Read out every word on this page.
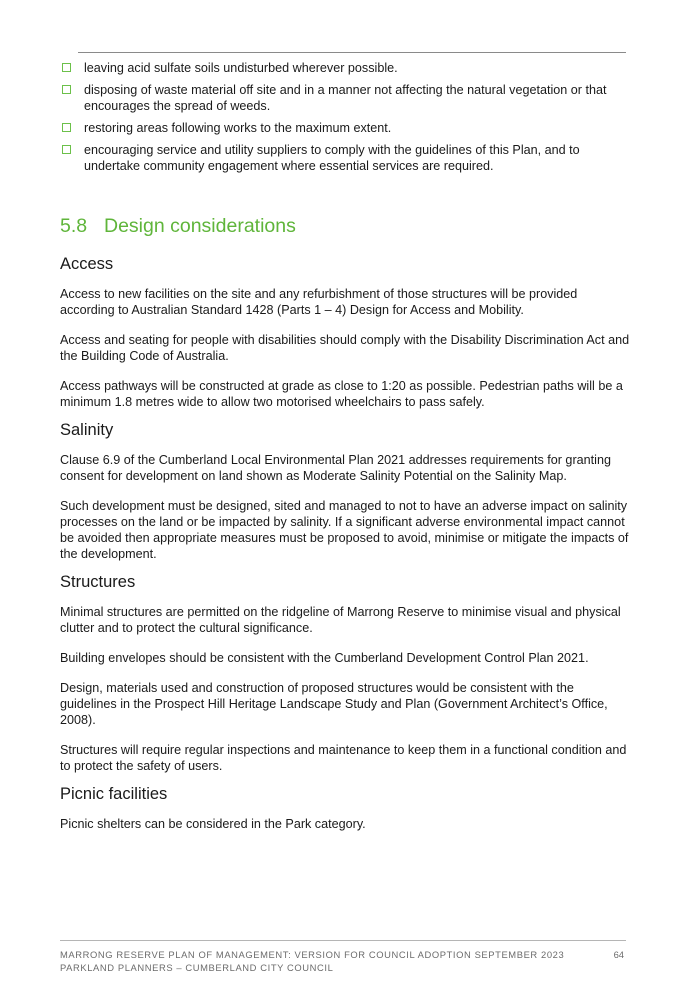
leaving acid sulfate soils undisturbed wherever possible.
disposing of waste material off site and in a manner not affecting the natural vegetation or that encourages the spread of weeds.
restoring areas following works to the maximum extent.
encouraging service and utility suppliers to comply with the guidelines of this Plan, and to undertake community engagement where essential services are required.
5.8 Design considerations
Access

Access to new facilities on the site and any refurbishment of those structures will be provided according to Australian Standard 1428 (Parts 1 – 4) Design for Access and Mobility.

Access and seating for people with disabilities should comply with the Disability Discrimination Act and the Building Code of Australia.

Access pathways will be constructed at grade as close to 1:20 as possible. Pedestrian paths will be a minimum 1.8 metres wide to allow two motorised wheelchairs to pass safely.

Salinity

Clause 6.9 of the Cumberland Local Environmental Plan 2021 addresses requirements for granting consent for development on land shown as Moderate Salinity Potential on the Salinity Map.

Such development must be designed, sited and managed to not to have an adverse impact on salinity processes on the land or be impacted by salinity. If a significant adverse environmental impact cannot be avoided then appropriate measures must be proposed to avoid, minimise or mitigate the impacts of the development.

Structures

Minimal structures are permitted on the ridgeline of Marrong Reserve to minimise visual and physical clutter and to protect the cultural significance.

Building envelopes should be consistent with the Cumberland Development Control Plan 2021.

Design, materials used and construction of proposed structures would be consistent with the guidelines in the Prospect Hill Heritage Landscape Study and Plan (Government Architect’s Office, 2008).

Structures will require regular inspections and maintenance to keep them in a functional condition and to protect the safety of users.

Picnic facilities

Picnic shelters can be considered in the Park category.

MARRONG RESERVE PLAN OF MANAGEMENT: VERSION FOR COUNCIL ADOPTION SEPTEMBER 2023
PARKLAND PLANNERS – CUMBERLAND CITY COUNCIL
64
